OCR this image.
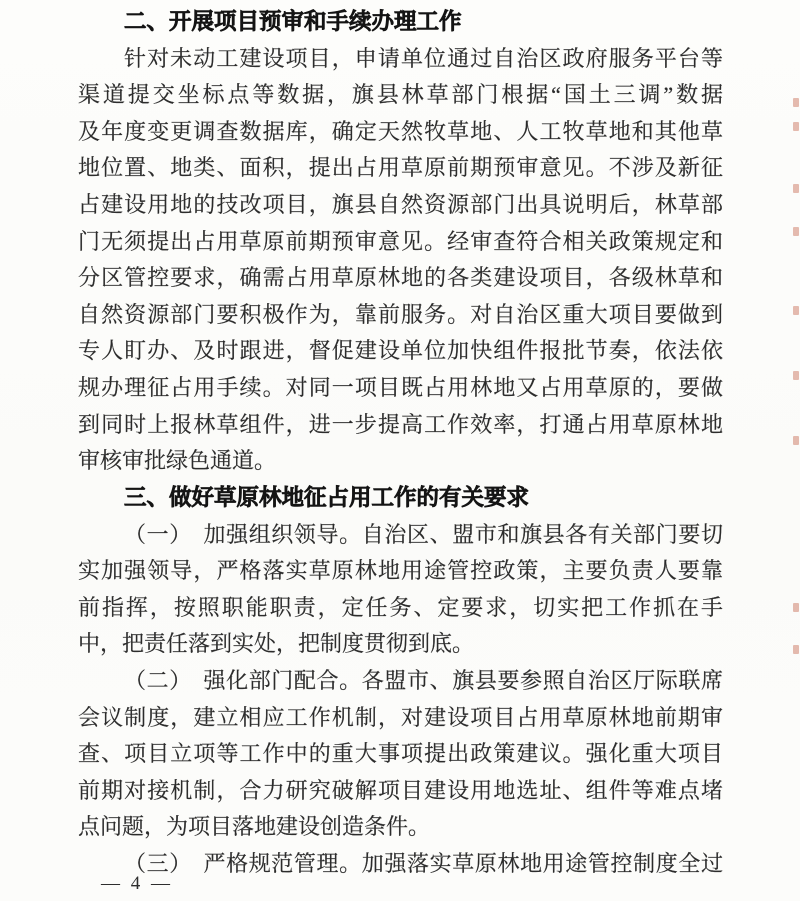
二、开展项目预审和手续办理工作
针对未动工建设项目，申请单位通过自治区政府服务平台等
渠道提交坐标点等数据，旗县林草部门根据“国土三调”数据
及年度变更调查数据库，确定天然牧草地、人工牧草地和其他草
地位置、地类、面积，提出占用草原前期预审意见。不涉及新征
占建设用地的技改项目，旗县自然资源部门出具说明后，林草部
门无须提出占用草原前期预审意见。经审查符合相关政策规定和
分区管控要求，确需占用草原林地的各类建设项目，各级林草和
自然资源部门要积极作为，靠前服务。对自治区重大项目要做到
专人盯办、及时跟进，督促建设单位加快组件报批节奏，依法依
规办理征占用手续。对同一项目既占用林地又占用草原的，要做
到同时上报林草组件，进一步提高工作效率，打通占用草原林地
审核审批绿色通道。
三、做好草原林地征占用工作的有关要求
（一）　加强组织领导。自治区、盟市和旗县各有关部门要切
实加强领导，严格落实草原林地用途管控政策，主要负责人要靠
前指挥，按照职能职责，定任务、定要求，切实把工作抓在手
中，把责任落到实处，把制度贯彻到底。
（二）　强化部门配合。各盟市、旗县要参照自治区厅际联席
会议制度，建立相应工作机制，对建设项目占用草原林地前期审
查、项目立项等工作中的重大事项提出政策建议。强化重大项目
前期对接机制，合力研究破解项目建设用地选址、组件等难点堵
点问题，为项目落地建设创造条件。
（三）　严格规范管理。加强落实草原林地用途管控制度全过
— 4 —
